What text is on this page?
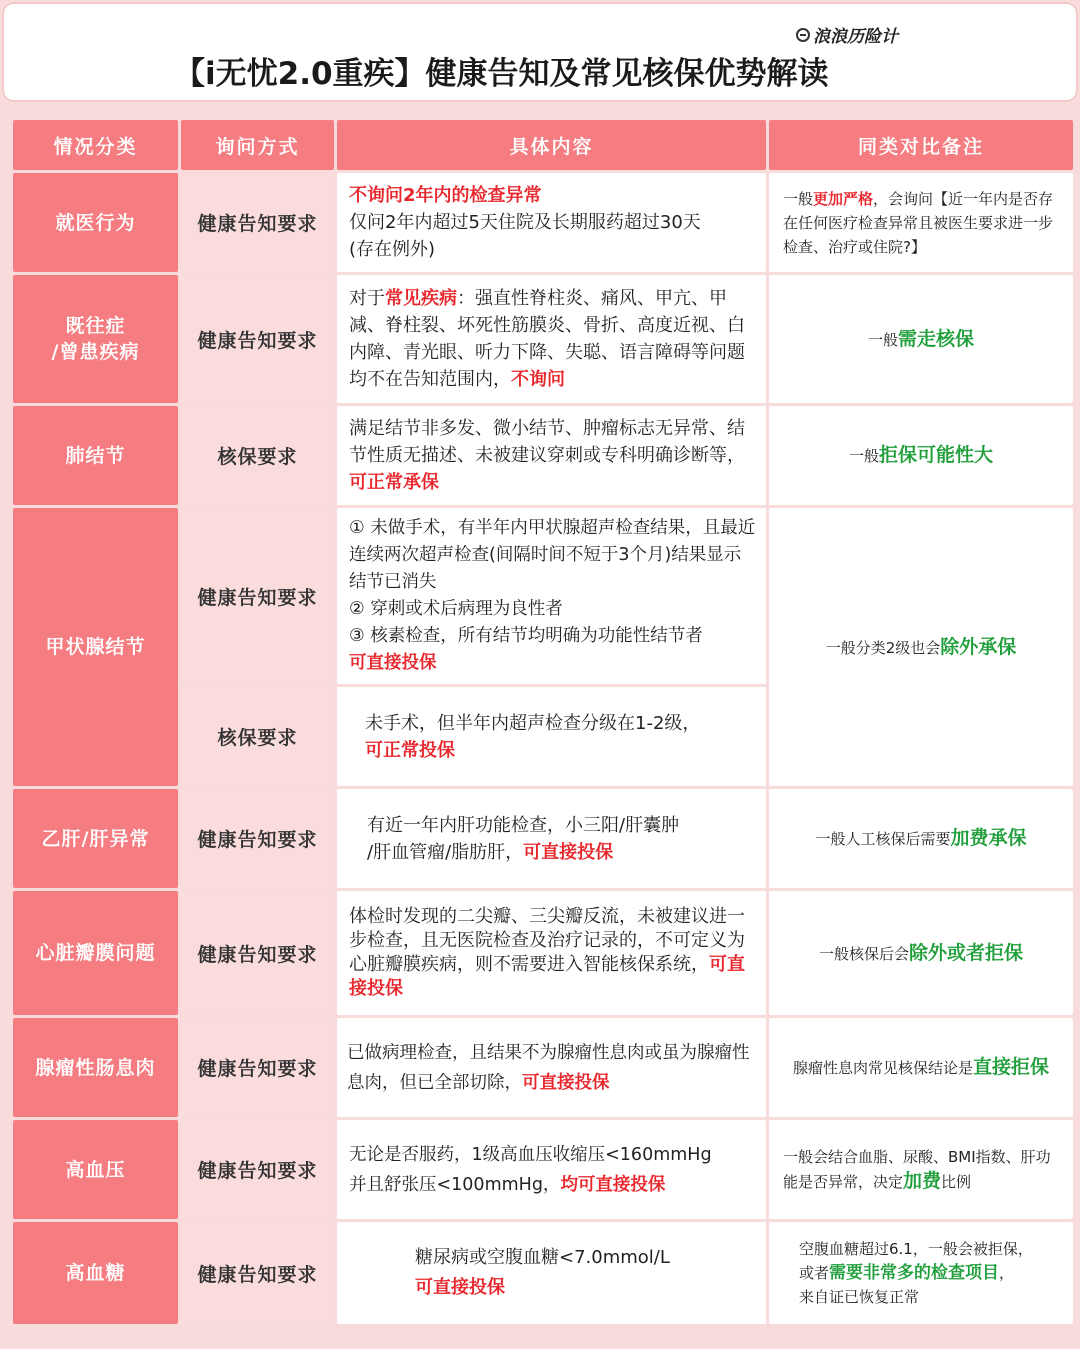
浪浪历险计
【i无忧2.0重疾】健康告知及常见核保优势解读
情况分类	询问方式	具体内容	同类对比备注
就医行为	健康告知要求	不询问2年内的检查异常
仅问2年内超过5天住院及长期服药超过30天
(存在例外)	一般更加严格，会询问【近一年内是否存在任何医疗检查异常且被医生要求进一步检查、治疗或住院?】

既往症
/曾患疾病	健康告知要求	对于常见疾病：强直性脊柱炎、痛风、甲亢、甲减、脊柱裂、坏死性筋膜炎、骨折、高度近视、白内障、青光眼、听力下降、失聪、语言障碍等问题均不在告知范围内，不询问	一般需走核保
肺结节	核保要求	满足结节非多发、微小结节、肿瘤标志无异常、结节性质无描述、未被建议穿刺或专科明确诊断等，可正常承保	一般拒保可能性大
甲状腺结节	健康告知要求	① 未做手术，有半年内甲状腺超声检查结果，且最近连续两次超声检查(间隔时间不短于3个月)结果显示结节已消失
② 穿刺或术后病理为良性者
③ 核素检查，所有结节均明确为功能性结节者
可直接投保	一般分类2级也会除外承保
	核保要求	未手术，但半年内超声检查分级在1-2级，
可正常投保	

乙肝/肝异常	健康告知要求	有近一年内肝功能检查，小三阳/肝囊肿
/肝血管瘤/脂肪肝，可直接投保	一般人工核保后需要加费承保
心脏瓣膜问题	健康告知要求	体检时发现的二尖瓣、三尖瓣反流，未被建议进一步检查，且无医院检查及治疗记录的，不可定义为心脏瓣膜疾病，则不需要进入智能核保系统，可直接投保	一般核保后会除外或者拒保
腺瘤性肠息肉	健康告知要求	已做病理检查，且结果不为腺瘤性息肉或虽为腺瘤性息肉，但已全部切除，可直接投保	腺瘤性息肉常见核保结论是直接拒保
高血压	健康告知要求	无论是否服药，1级高血压收缩压<160mmHg
并且舒张压<100mmHg，均可直接投保	一般会结合血脂、尿酸、BMI指数、肝功能是否异常，决定加费比例
高血糖	健康告知要求	糖尿病或空腹血糖<7.0mmol/L
可直接投保	空腹血糖超过6.1，一般会被拒保，
或者需要非常多的检查项目，
来自证已恢复正常
